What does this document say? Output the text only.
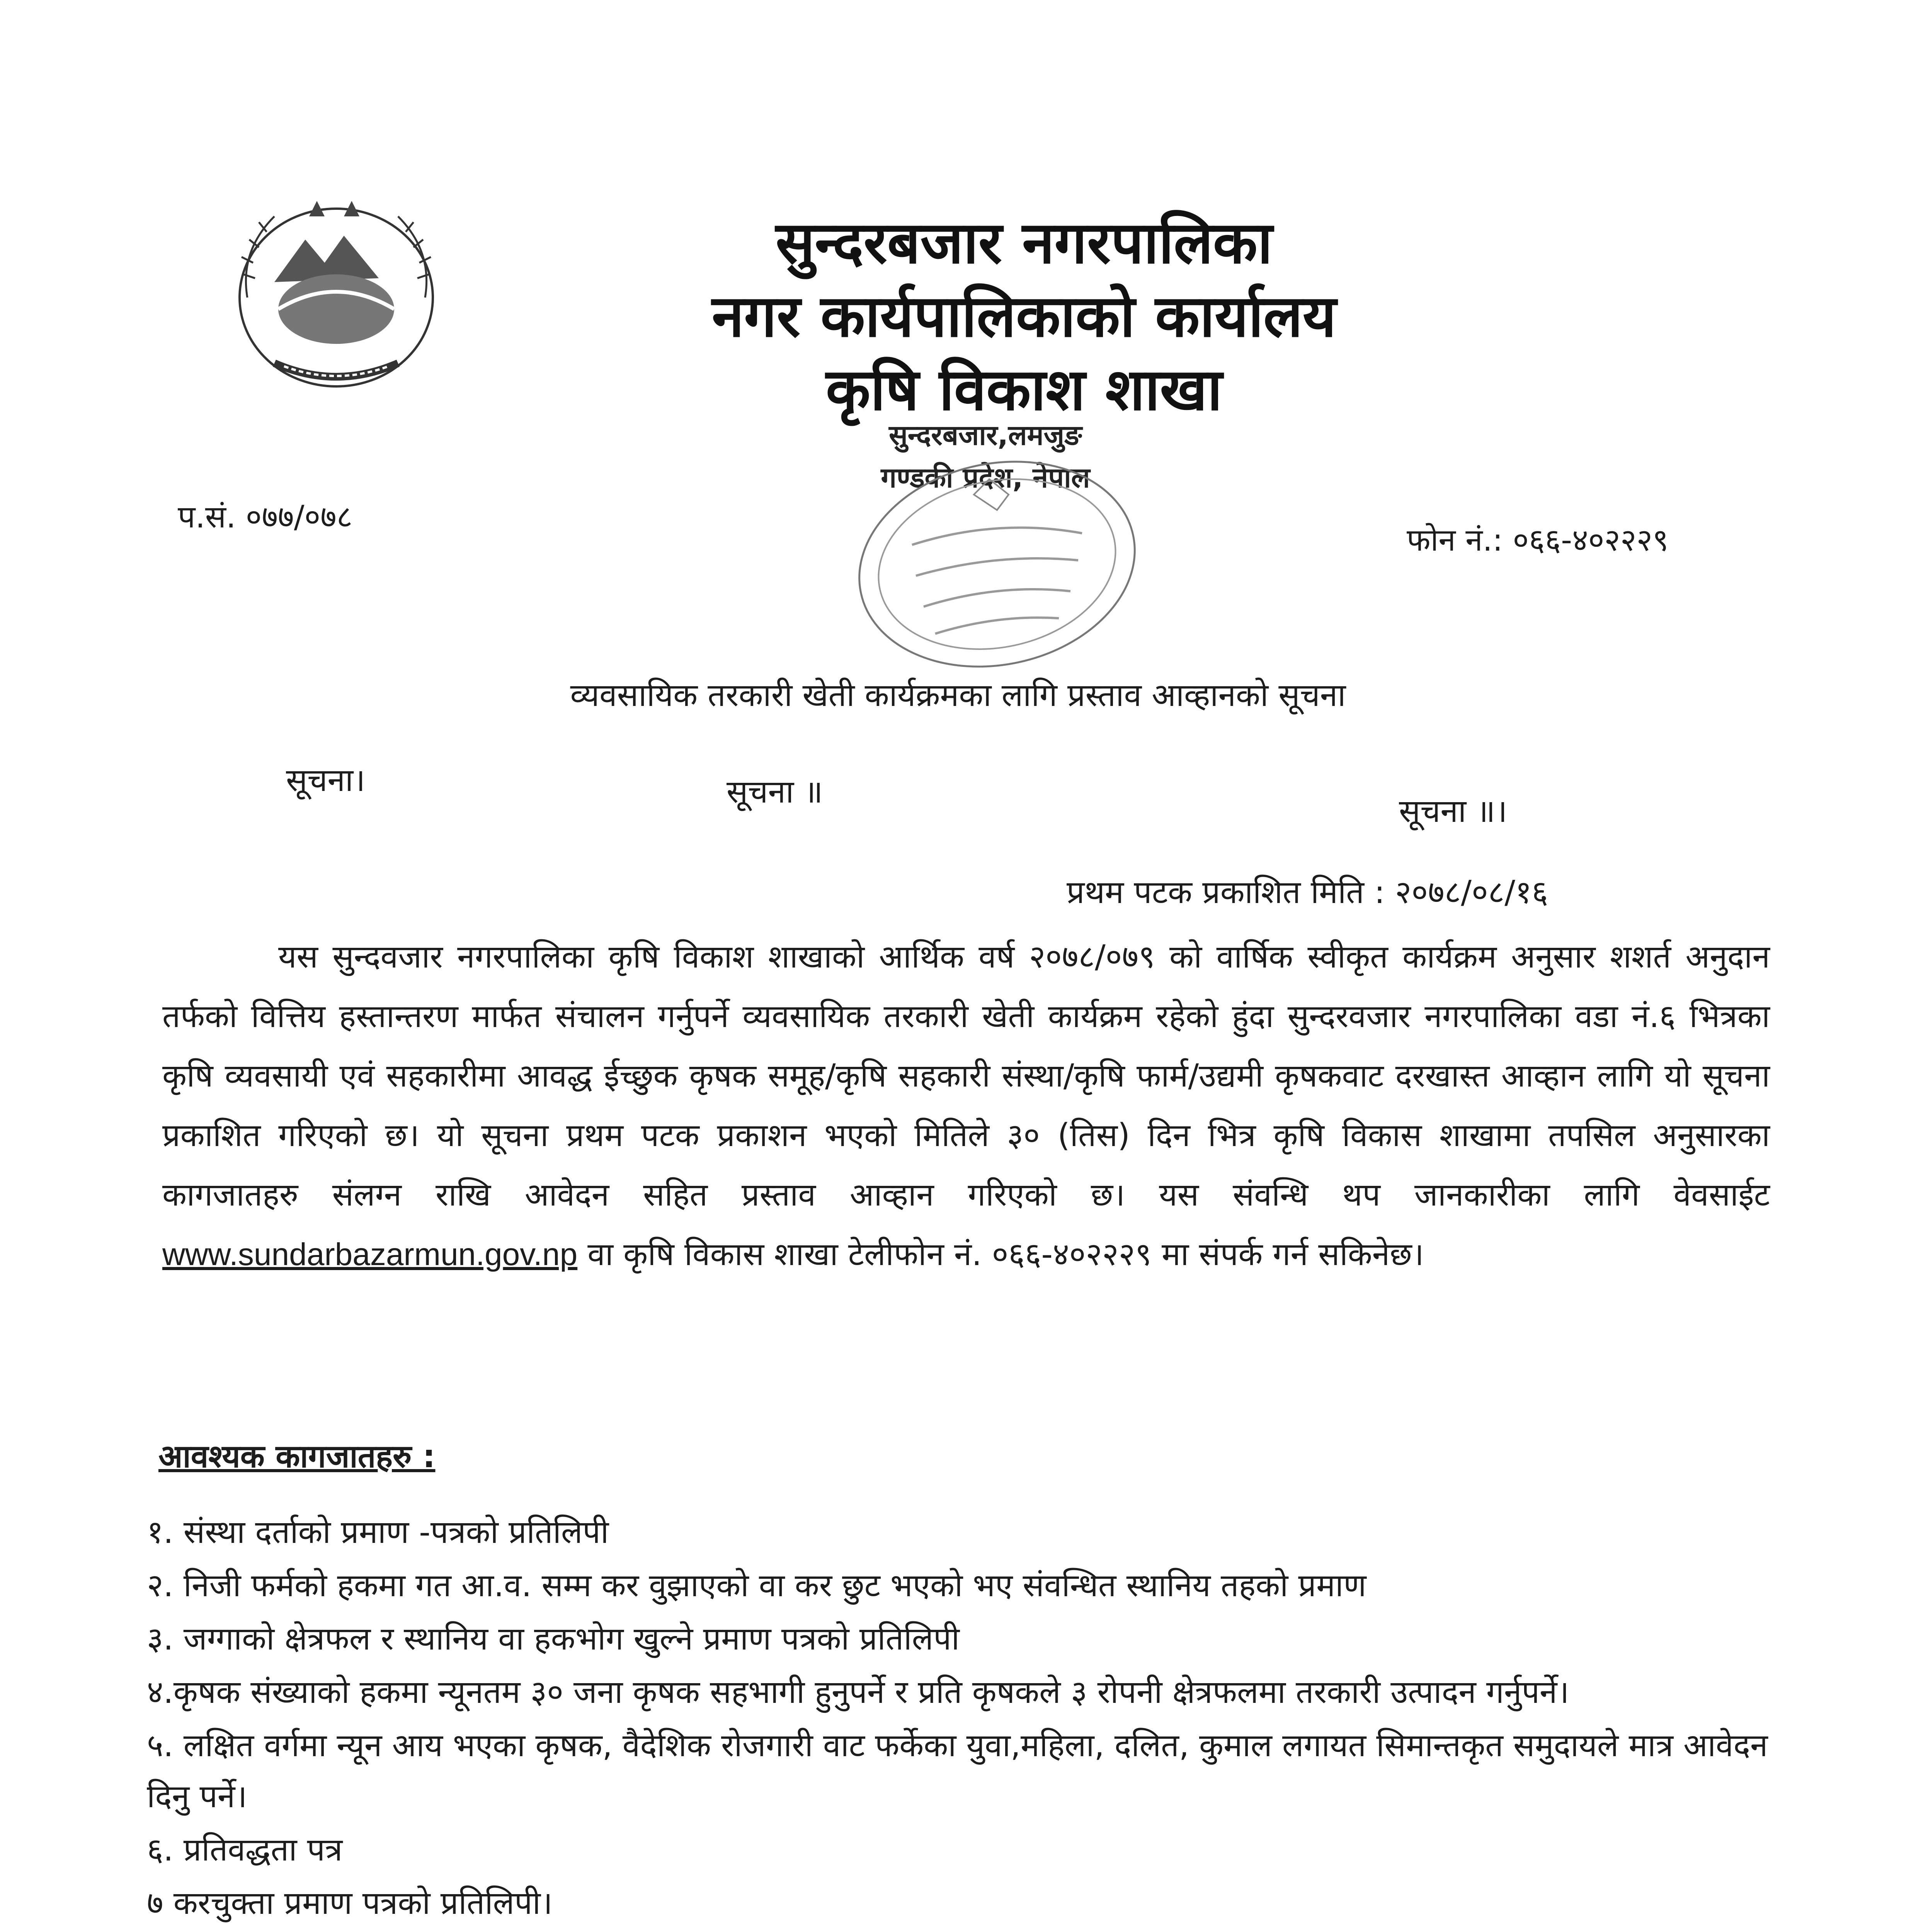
सुन्दरबजार नगरपालिका
नगर कार्यपालिकाको कार्यालय
कृषि विकाश शाखा
सुन्दरबजार,लमजुङ
गण्डकी प्रदेश, नेपाल
प.सं. ०७७/०७८
फोन नं.: ०६६-४०२२२९
व्यवसायिक तरकारी खेती कार्यक्रमका लागि प्रस्ताव आव्हानको सूचना
सूचना।	सूचना ॥
सूचना ॥।
प्रथम पटक प्रकाशित मिति : २०७८/०८/१६
यस सुन्दवजार नगरपालिका कृषि विकाश शाखाको आर्थिक वर्ष २०७८/०७९ को वार्षिक स्वीकृत कार्यक्रम अनुसार शशर्त अनुदान तर्फको वित्तिय हस्तान्तरण मार्फत संचालन गर्नुपर्ने व्यवसायिक तरकारी खेती कार्यक्रम रहेको हुंदा सुन्दरवजार नगरपालिका वडा नं.६ भित्रका कृषि व्यवसायी एवं सहकारीमा आवद्ध ईच्छुक कृषक समूह/कृषि सहकारी संस्था/कृषि फार्म/उद्यमी कृषकवाट दरखास्त आव्हान लागि यो सूचना प्रकाशित गरिएको छ। यो सूचना प्रथम पटक प्रकाशन भएको मितिले ३० (तिस) दिन भित्र कृषि विकास शाखामा तपसिल अनुसारका कागजातहरु संलग्न राखि आवेदन सहित प्रस्ताव आव्हान गरिएको छ। यस संवन्धि थप जानकारीका लागि वेवसाईट www.sundarbazarmun.gov.np वा कृषि विकास शाखा टेलीफोन नं. ०६६-४०२२२९ मा संपर्क गर्न सकिनेछ।
आवश्यक कागजातहरु :
१. संस्था दर्ताको प्रमाण -पत्रको प्रतिलिपी
२. निजी फर्मको हकमा गत आ.व. सम्म कर वुझाएको वा कर छुट भएको भए संवन्धित स्थानिय तहको प्रमाण
३. जग्गाको क्षेत्रफल र स्थानिय वा हकभोग खुल्ने प्रमाण पत्रको प्रतिलिपी
४.कृषक संख्याको हकमा न्यूनतम ३० जना कृषक सहभागी हुनुपर्ने र प्रति कृषकले ३ रोपनी क्षेत्रफलमा तरकारी उत्पादन गर्नुपर्ने।
५. लक्षित वर्गमा न्यून आय भएका कृषक, वैदेशिक रोजगारी वाट फर्केका युवा,महिला, दलित, कुमाल लगायत सिमान्तकृत समुदायले मात्र आवेदन दिनु पर्ने।
६. प्रतिवद्धता पत्र
७ करचुक्ता प्रमाण पत्रको प्रतिलिपी।
